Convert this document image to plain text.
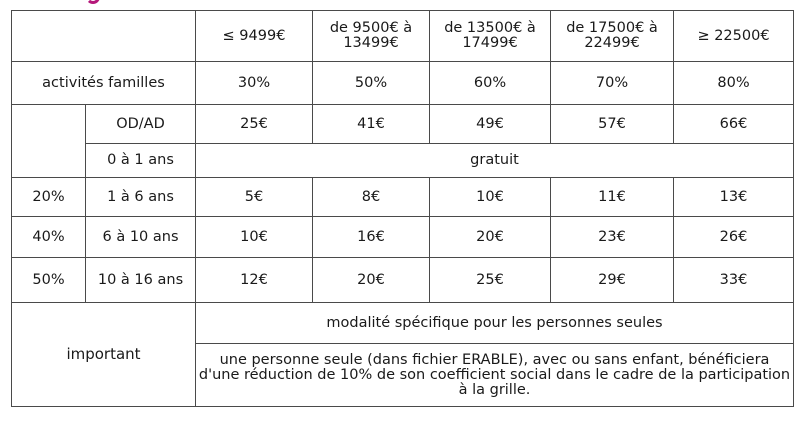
		≤ 9499€	de 9500€ à 13499€	de 13500€ à 17499€	de 17500€ à 22499€	≥ 22500€
activités familles		30%	50%	60%	70%	80%
	OD/AD	25€	41€	49€	57€	66€
	0 à 1 ans	gratuit				
20%	1 à 6 ans	5€	8€	10€	11€	13€
40%	6 à 10 ans	10€	16€	20€	23€	26€
50%	10 à 16 ans	12€	20€	25€	29€	33€
important		modalité spécifique pour les personnes seules				
		une personne seule (dans fichier ERABLE), avec ou sans enfant, bénéficiera d'une réduction de 10% de son coefficient social dans le cadre de la participation à la grille.				
